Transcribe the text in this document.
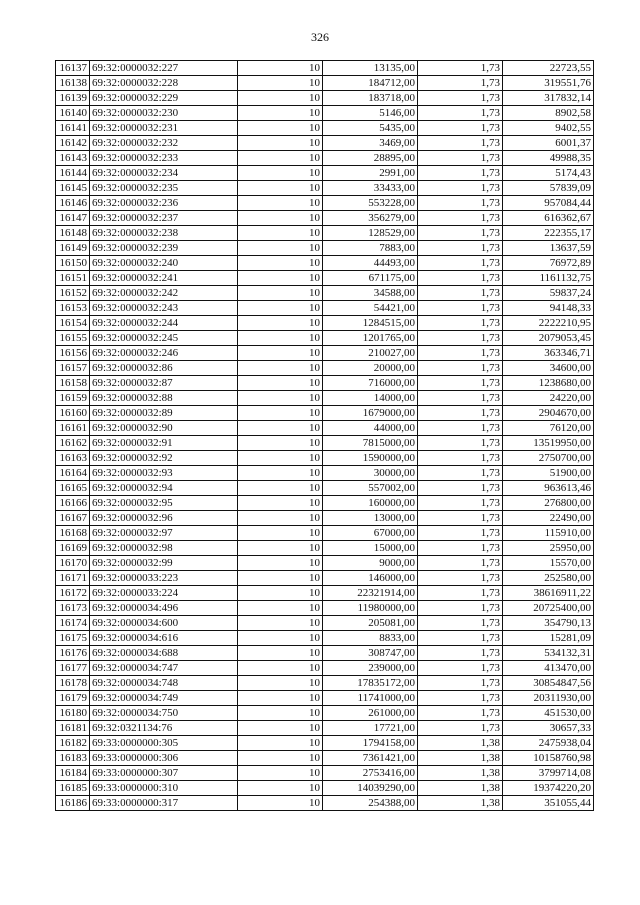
326
16137	69:32:0000032:227	10	13135,00	1,73	22723,55
16138	69:32:0000032:228	10	184712,00	1,73	319551,76
16139	69:32:0000032:229	10	183718,00	1,73	317832,14
16140	69:32:0000032:230	10	5146,00	1,73	8902,58
16141	69:32:0000032:231	10	5435,00	1,73	9402,55
16142	69:32:0000032:232	10	3469,00	1,73	6001,37
16143	69:32:0000032:233	10	28895,00	1,73	49988,35
16144	69:32:0000032:234	10	2991,00	1,73	5174,43
16145	69:32:0000032:235	10	33433,00	1,73	57839,09
16146	69:32:0000032:236	10	553228,00	1,73	957084,44
16147	69:32:0000032:237	10	356279,00	1,73	616362,67
16148	69:32:0000032:238	10	128529,00	1,73	222355,17
16149	69:32:0000032:239	10	7883,00	1,73	13637,59
16150	69:32:0000032:240	10	44493,00	1,73	76972,89
16151	69:32:0000032:241	10	671175,00	1,73	1161132,75
16152	69:32:0000032:242	10	34588,00	1,73	59837,24
16153	69:32:0000032:243	10	54421,00	1,73	94148,33
16154	69:32:0000032:244	10	1284515,00	1,73	2222210,95
16155	69:32:0000032:245	10	1201765,00	1,73	2079053,45
16156	69:32:0000032:246	10	210027,00	1,73	363346,71
16157	69:32:0000032:86	10	20000,00	1,73	34600,00
16158	69:32:0000032:87	10	716000,00	1,73	1238680,00
16159	69:32:0000032:88	10	14000,00	1,73	24220,00
16160	69:32:0000032:89	10	1679000,00	1,73	2904670,00
16161	69:32:0000032:90	10	44000,00	1,73	76120,00
16162	69:32:0000032:91	10	7815000,00	1,73	13519950,00
16163	69:32:0000032:92	10	1590000,00	1,73	2750700,00
16164	69:32:0000032:93	10	30000,00	1,73	51900,00
16165	69:32:0000032:94	10	557002,00	1,73	963613,46
16166	69:32:0000032:95	10	160000,00	1,73	276800,00
16167	69:32:0000032:96	10	13000,00	1,73	22490,00
16168	69:32:0000032:97	10	67000,00	1,73	115910,00
16169	69:32:0000032:98	10	15000,00	1,73	25950,00
16170	69:32:0000032:99	10	9000,00	1,73	15570,00
16171	69:32:0000033:223	10	146000,00	1,73	252580,00
16172	69:32:0000033:224	10	22321914,00	1,73	38616911,22
16173	69:32:0000034:496	10	11980000,00	1,73	20725400,00
16174	69:32:0000034:600	10	205081,00	1,73	354790,13
16175	69:32:0000034:616	10	8833,00	1,73	15281,09
16176	69:32:0000034:688	10	308747,00	1,73	534132,31
16177	69:32:0000034:747	10	239000,00	1,73	413470,00
16178	69:32:0000034:748	10	17835172,00	1,73	30854847,56
16179	69:32:0000034:749	10	11741000,00	1,73	20311930,00
16180	69:32:0000034:750	10	261000,00	1,73	451530,00
16181	69:32:0321134:76	10	17721,00	1,73	30657,33
16182	69:33:0000000:305	10	1794158,00	1,38	2475938,04
16183	69:33:0000000:306	10	7361421,00	1,38	10158760,98
16184	69:33:0000000:307	10	2753416,00	1,38	3799714,08
16185	69:33:0000000:310	10	14039290,00	1,38	19374220,20
16186	69:33:0000000:317	10	254388,00	1,38	351055,44
